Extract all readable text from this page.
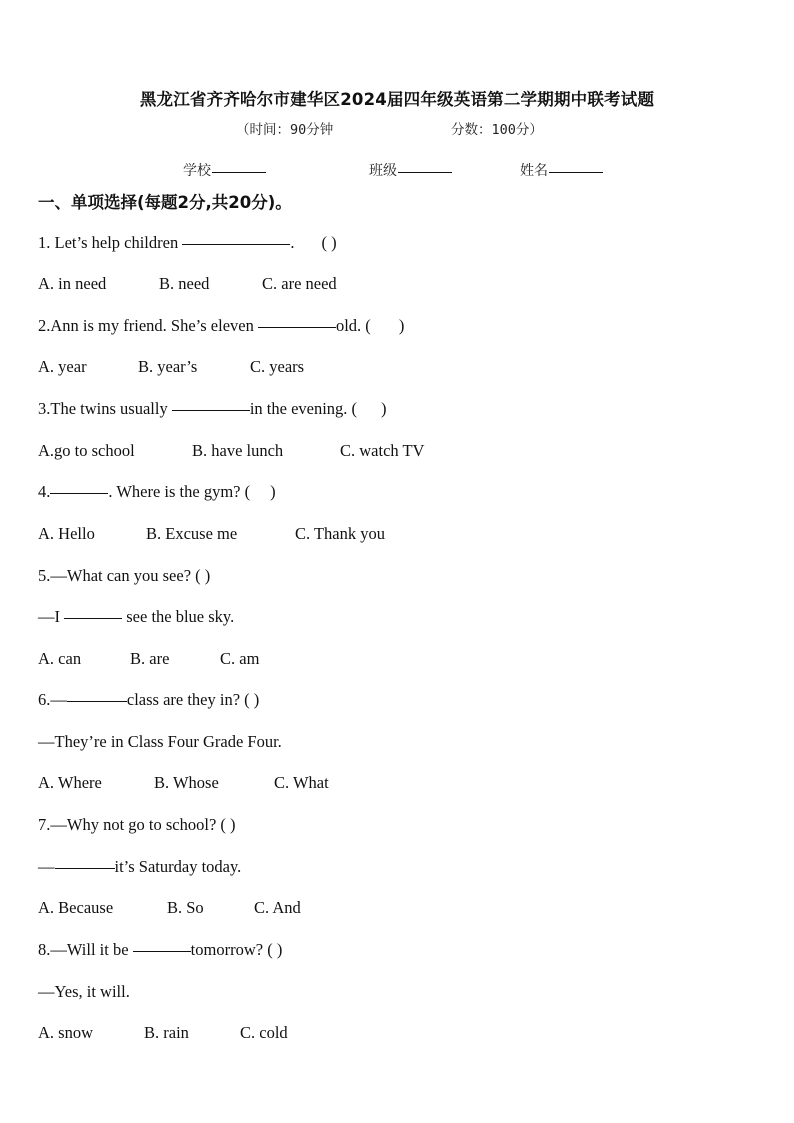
黑龙江省齐齐哈尔市建华区2024届四年级英语第二学期期中联考试题
（时间：90分钟	分数：100分）
学校	班级	姓名
一、单项选择(每题2分,共20分)。
1. Let’s help children	. ( )
A. in need	B. need	C. are need
2.Ann is my friend. She’s eleven	old. ( )
A. year	B. year’s	C. years
3.The twins usually	in the evening. ( )
A.go to school	B. have lunch	C. watch TV
4.	. Where is the gym? ( )
A. Hello	B. Excuse me	C. Thank you
5.—What can you see? ( )
—I	see the blue sky.
A. can	B. are	C. am
6.—	class are they in? ( )
—They’re in Class Four Grade Four.
A. Where	B. Whose	C. What
7.—Why not go to school? ( )
—	it’s Saturday today.
A. Because	B. So	C. And
8.—Will it be	tomorrow? ( )
—Yes, it will.
A. snow	B. rain	C. cold
